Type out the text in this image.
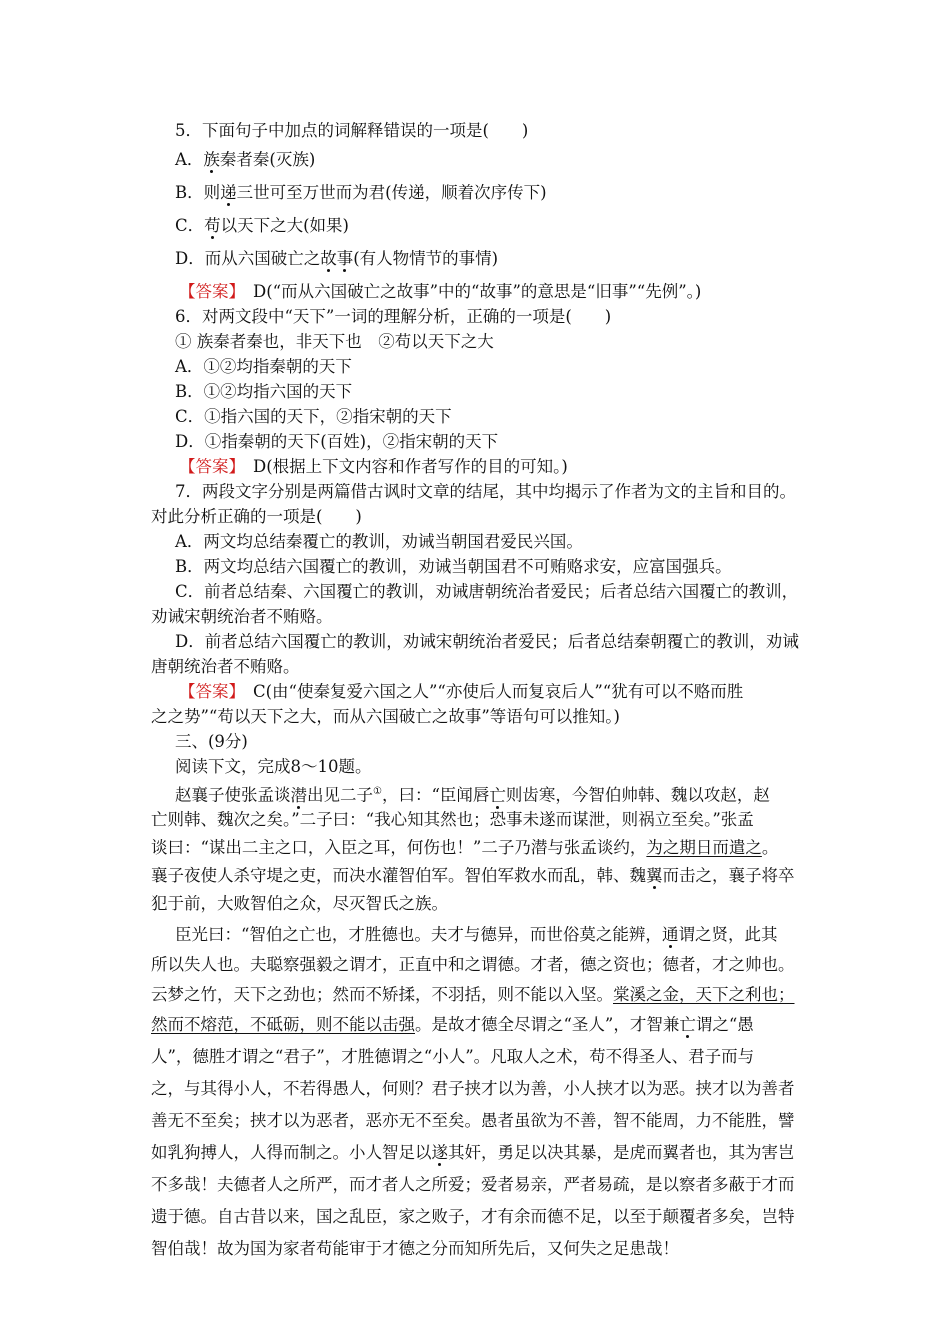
5．下面句子中加点的词解释错误的一项是(　　)
A．族秦者秦(灭族)
B．则递三世可至万世而为君(传递，顺着次序传下)
C．苟以天下之大(如果)
D．而从六国破亡之故事(有人物情节的事情)
【答案】 D(“而从六国破亡之故事”中的“故事”的意思是“旧事”“先例”。)
6．对两文段中“天下”一词的理解分析，正确的一项是(　　)
① 族秦者秦也，非天下也　②苟以天下之大
A．①②均指秦朝的天下
B．①②均指六国的天下
C．①指六国的天下，②指宋朝的天下
D．①指秦朝的天下(百姓)，②指宋朝的天下
【答案】 D(根据上下文内容和作者写作的目的可知。)
7．两段文字分别是两篇借古讽时文章的结尾，其中均揭示了作者为文的主旨和目的。
对此分析正确的一项是(　　)
A．两文均总结秦覆亡的教训，劝诫当朝国君爱民兴国。
B．两文均总结六国覆亡的教训，劝诫当朝国君不可贿赂求安，应富国强兵。
C．前者总结秦、六国覆亡的教训，劝诫唐朝统治者爱民；后者总结六国覆亡的教训，
劝诫宋朝统治者不贿赂。
D．前者总结六国覆亡的教训，劝诫宋朝统治者爱民；后者总结秦朝覆亡的教训，劝诫
唐朝统治者不贿赂。
【答案】 C(由“使秦复爱六国之人”“亦使后人而复哀后人”“犹有可以不赂而胜
之之势”“苟以天下之大，而从六国破亡之故事”等语句可以推知。)
三、(9分)
阅读下文，完成8～10题。
赵襄子使张孟谈潜出见二子①，曰：“臣闻唇亡则齿寒，今智伯帅韩、魏以攻赵，赵
亡则韩、魏次之矣。”二子曰：“我心知其然也；恐事未遂而谋泄，则祸立至矣。”张孟
谈曰：“谋出二主之口，入臣之耳，何伤也！”二子乃潜与张孟谈约，为之期日而遣之。
襄子夜使人杀守堤之吏，而决水灌智伯军。智伯军救水而乱，韩、魏翼而击之，襄子将卒
犯于前，大败智伯之众，尽灭智氏之族。
臣光曰：“智伯之亡也，才胜德也。夫才与德异，而世俗莫之能辨，通谓之贤，此其
所以失人也。夫聪察强毅之谓才，正直中和之谓德。才者，德之资也；德者，才之帅也。
云梦之竹，天下之劲也；然而不矫揉，不羽括，则不能以入坚。棠溪之金，天下之利也；
然而不熔范，不砥砺，则不能以击强。是故才德全尽谓之“圣人”，才智兼亡谓之“愚
人”，德胜才谓之“君子”，才胜德谓之“小人”。凡取人之术，苟不得圣人、君子而与
之，与其得小人，不若得愚人，何则？君子挟才以为善，小人挟才以为恶。挟才以为善者
善无不至矣；挟才以为恶者，恶亦无不至矣。愚者虽欲为不善，智不能周，力不能胜，譬
如乳狗搏人，人得而制之。小人智足以遂其奸，勇足以决其暴，是虎而翼者也，其为害岂
不多哉！夫德者人之所严，而才者人之所爱；爱者易亲，严者易疏，是以察者多蔽于才而
遗于德。自古昔以来，国之乱臣，家之败子，才有余而德不足，以至于颠覆者多矣，岂特
智伯哉！故为国为家者苟能审于才德之分而知所先后，又何失之足患哉！
